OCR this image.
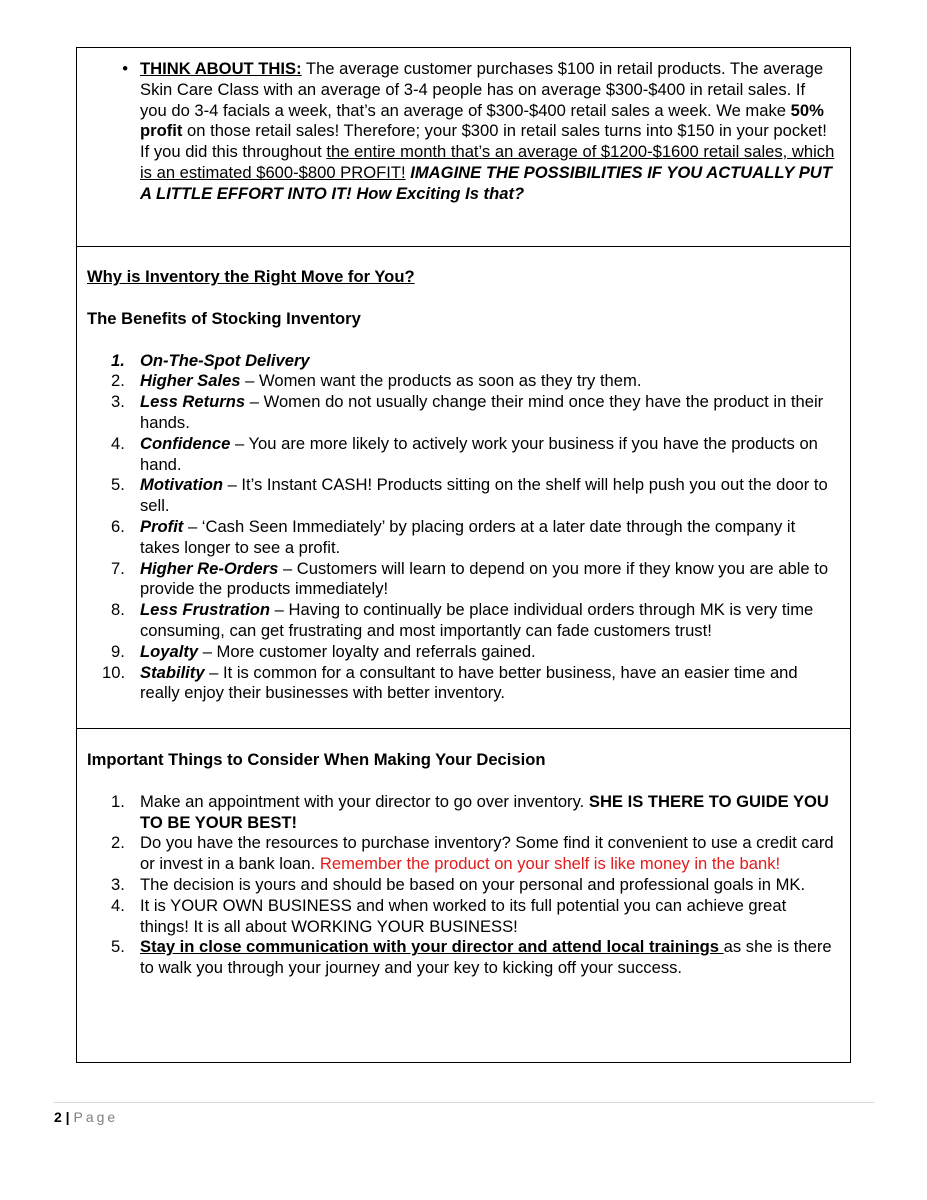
• THINK ABOUT THIS: The average customer purchases $100 in retail products. The average Skin Care Class with an average of 3-4 people has on average $300-$400 in retail sales. If you do 3-4 facials a week, that’s an average of $300-$400 retail sales a week. We make 50% profit on those retail sales! Therefore; your $300 in retail sales turns into $150 in your pocket! If you did this throughout the entire month that’s an average of $1200-$1600 retail sales, which is an estimated $600-$800 PROFIT! IMAGINE THE POSSIBILITIES IF YOU ACTUALLY PUT A LITTLE EFFORT INTO IT! How Exciting Is that?

Why is Inventory the Right Move for You?

The Benefits of Stocking Inventory

1. On-The-Spot Delivery
2. Higher Sales – Women want the products as soon as they try them.
3. Less Returns – Women do not usually change their mind once they have the product in their hands.
4. Confidence – You are more likely to actively work your business if you have the products on hand.
5. Motivation – It’s Instant CASH! Products sitting on the shelf will help push you out the door to sell.
6. Profit – ‘Cash Seen Immediately’ by placing orders at a later date through the company it takes longer to see a profit.
7. Higher Re-Orders – Customers will learn to depend on you more if they know you are able to provide the products immediately!
8. Less Frustration – Having to continually be place individual orders through MK is very time consuming, can get frustrating and most importantly can fade customers trust!
9. Loyalty – More customer loyalty and referrals gained.
10. Stability – It is common for a consultant to have better business, have an easier time and really enjoy their businesses with better inventory.

Important Things to Consider When Making Your Decision

1. Make an appointment with your director to go over inventory. SHE IS THERE TO GUIDE YOU TO BE YOUR BEST!
2. Do you have the resources to purchase inventory? Some find it convenient to use a credit card or invest in a bank loan. Remember the product on your shelf is like money in the bank!
3. The decision is yours and should be based on your personal and professional goals in MK.
4. It is YOUR OWN BUSINESS and when worked to its full potential you can achieve great things! It is all about WORKING YOUR BUSINESS!
5. Stay in close communication with your director and attend local trainings as she is there to walk you through your journey and your key to kicking off your success.
2 | Page
